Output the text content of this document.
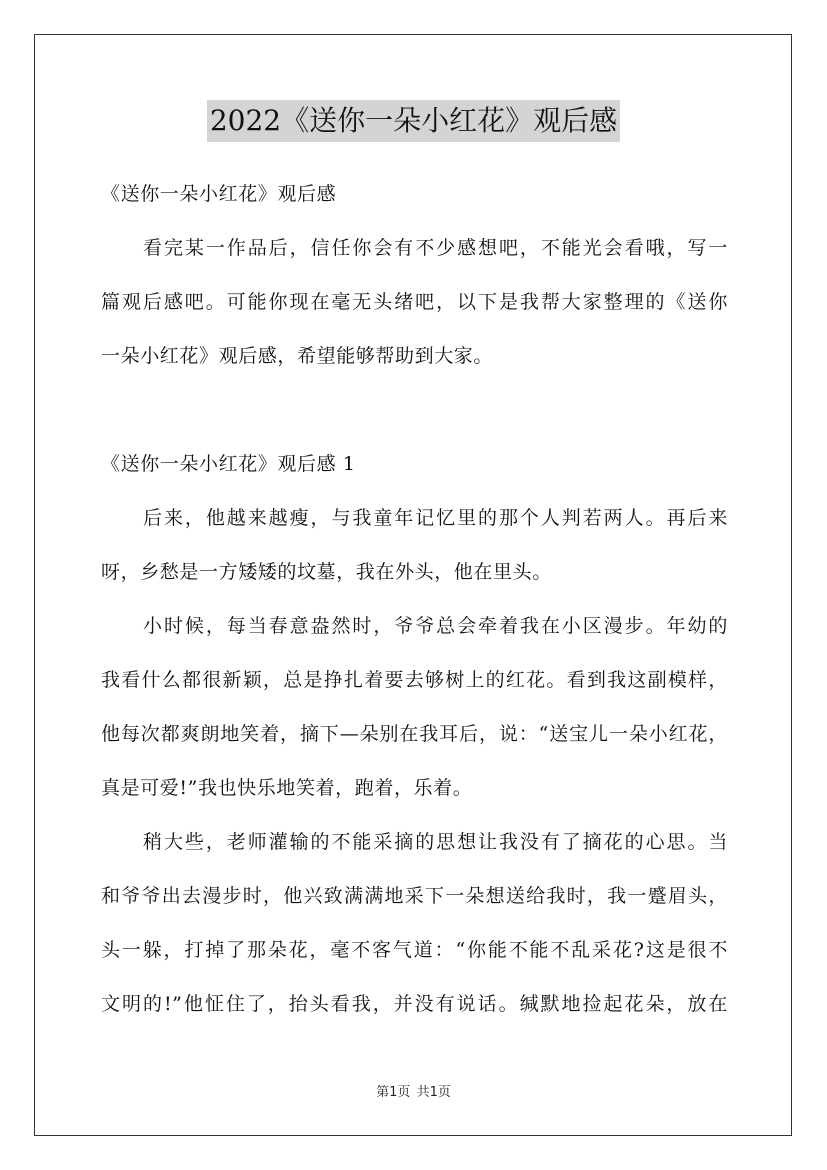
2022《送你一朵小红花》观后感
《送你一朵小红花》观后感
看完某一作品后，信任你会有不少感想吧，不能光会看哦，写一
篇观后感吧。可能你现在毫无头绪吧，以下是我帮大家整理的《送你
一朵小红花》观后感，希望能够帮助到大家。
《送你一朵小红花》观后感 1
后来，他越来越瘦，与我童年记忆里的那个人判若两人。再后来
呀，乡愁是一方矮矮的坟墓，我在外头，他在里头。
小时候，每当春意盎然时，爷爷总会牵着我在小区漫步。年幼的
我看什么都很新颖，总是挣扎着要去够树上的红花。看到我这副模样，
他每次都爽朗地笑着，摘下—朵别在我耳后，说：“送宝儿一朵小红花，
真是可爱!”我也快乐地笑着，跑着，乐着。
稍大些，老师灌输的不能采摘的思想让我没有了摘花的心思。当
和爷爷出去漫步时，他兴致满满地采下一朵想送给我时，我一蹙眉头，
头一躲，打掉了那朵花，毫不客气道：“你能不能不乱采花?这是很不
文明的!”他怔住了，抬头看我，并没有说话。缄默地捡起花朵，放在
第1页 共1页
